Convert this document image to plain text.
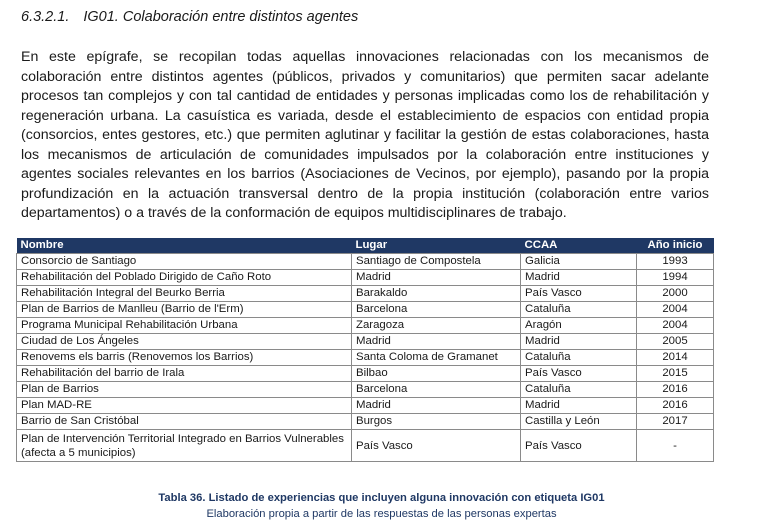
6.3.2.1. IG01. Colaboración entre distintos agentes
En este epígrafe, se recopilan todas aquellas innovaciones relacionadas con los mecanismos de colaboración entre distintos agentes (públicos, privados y comunitarios) que permiten sacar adelante procesos tan complejos y con tal cantidad de entidades y personas implicadas como los de rehabilitación y regeneración urbana. La casuística es variada, desde el establecimiento de espacios con entidad propia (consorcios, entes gestores, etc.) que permiten aglutinar y facilitar la gestión de estas colaboraciones, hasta los mecanismos de articulación de comunidades impulsados por la colaboración entre instituciones y agentes sociales relevantes en los barrios (Asociaciones de Vecinos, por ejemplo), pasando por la propia profundización en la actuación transversal dentro de la propia institución (colaboración entre varios departamentos) o a través de la conformación de equipos multidisciplinares de trabajo.
Nombre	Lugar	CCAA	Año inicio
Consorcio de Santiago	Santiago de Compostela	Galicia	1993
Rehabilitación del Poblado Dirigido de Caño Roto	Madrid	Madrid	1994
Rehabilitación Integral del Beurko Berria	Barakaldo	País Vasco	2000
Plan de Barrios de Manlleu (Barrio de l'Erm)	Barcelona	Cataluña	2004
Programa Municipal Rehabilitación Urbana	Zaragoza	Aragón	2004
Ciudad de Los Ángeles	Madrid	Madrid	2005
Renovems els barris (Renovemos los Barrios)	Santa Coloma de Gramanet	Cataluña	2014
Rehabilitación del barrio de Irala	Bilbao	País Vasco	2015
Plan de Barrios	Barcelona	Cataluña	2016
Plan MAD-RE	Madrid	Madrid	2016
Barrio de San Cristóbal	Burgos	Castilla y León	2017
Plan de Intervención Territorial Integrado en Barrios Vulnerables (afecta a 5 municipios)	País Vasco	País Vasco	-
Tabla 36. Listado de experiencias que incluyen alguna innovación con etiqueta IG01
Elaboración propia a partir de las respuestas de las personas expertas
